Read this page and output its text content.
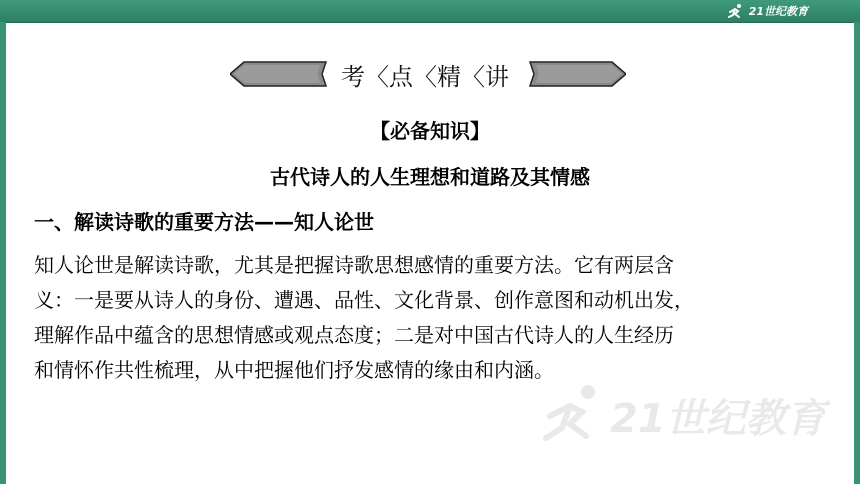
21世纪教育
考〈点〈精〈讲
【必备知识】
古代诗人的人生理想和道路及其情感
一、解读诗歌的重要方法——知人论世
知人论世是解读诗歌，尤其是把握诗歌思想感情的重要方法。它有两层含
义：一是要从诗人的身份、遭遇、品性、文化背景、创作意图和动机出发，
理解作品中蕴含的思想情感或观点态度；二是对中国古代诗人的人生经历
和情怀作共性梳理，从中把握他们抒发感情的缘由和内涵。
21世纪教育
